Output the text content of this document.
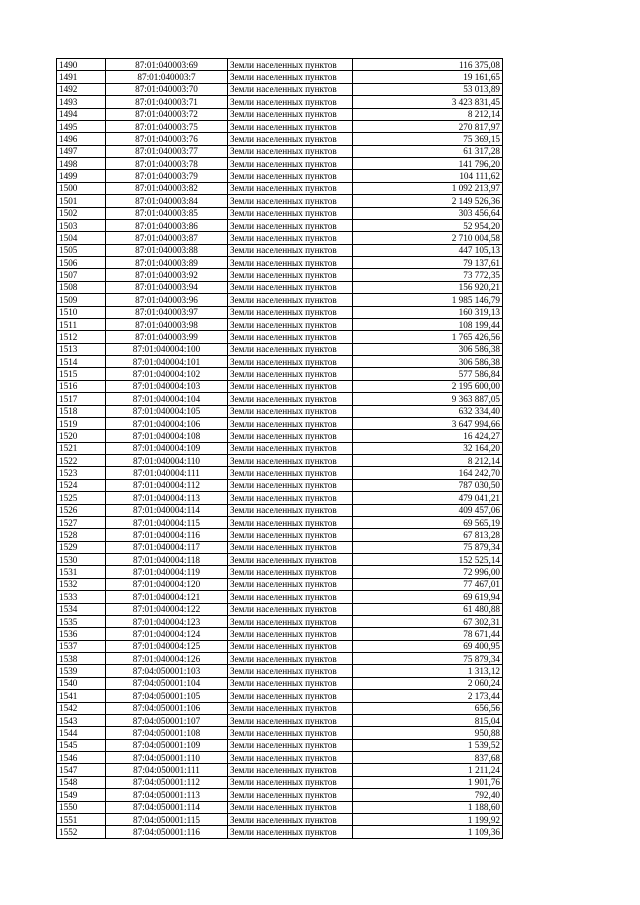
1490	87:01:040003:69	Земли населенных пунктов	116 375,08
1491	87:01:040003:7	Земли населенных пунктов	19 161,65
1492	87:01:040003:70	Земли населенных пунктов	53 013,89
1493	87:01:040003:71	Земли населенных пунктов	3 423 831,45
1494	87:01:040003:72	Земли населенных пунктов	8 212,14
1495	87:01:040003:75	Земли населенных пунктов	270 817,97
1496	87:01:040003:76	Земли населенных пунктов	75 369,15
1497	87:01:040003:77	Земли населенных пунктов	61 317,28
1498	87:01:040003:78	Земли населенных пунктов	141 796,20
1499	87:01:040003:79	Земли населенных пунктов	104 111,62
1500	87:01:040003:82	Земли населенных пунктов	1 092 213,97
1501	87:01:040003:84	Земли населенных пунктов	2 149 526,36
1502	87:01:040003:85	Земли населенных пунктов	303 456,64
1503	87:01:040003:86	Земли населенных пунктов	52 954,20
1504	87:01:040003:87	Земли населенных пунктов	2 710 004,58
1505	87:01:040003:88	Земли населенных пунктов	447 105,13
1506	87:01:040003:89	Земли населенных пунктов	79 137,61
1507	87:01:040003:92	Земли населенных пунктов	73 772,35
1508	87:01:040003:94	Земли населенных пунктов	156 920,21
1509	87:01:040003:96	Земли населенных пунктов	1 985 146,79
1510	87:01:040003:97	Земли населенных пунктов	160 319,13
1511	87:01:040003:98	Земли населенных пунктов	108 199,44
1512	87:01:040003:99	Земли населенных пунктов	1 765 426,56
1513	87:01:040004:100	Земли населенных пунктов	306 586,38
1514	87:01:040004:101	Земли населенных пунктов	306 586,38
1515	87:01:040004:102	Земли населенных пунктов	577 586,84
1516	87:01:040004:103	Земли населенных пунктов	2 195 600,00
1517	87:01:040004:104	Земли населенных пунктов	9 363 887,05
1518	87:01:040004:105	Земли населенных пунктов	632 334,40
1519	87:01:040004:106	Земли населенных пунктов	3 647 994,66
1520	87:01:040004:108	Земли населенных пунктов	16 424,27
1521	87:01:040004:109	Земли населенных пунктов	32 164,20
1522	87:01:040004:110	Земли населенных пунктов	8 212,14
1523	87:01:040004:111	Земли населенных пунктов	164 242,70
1524	87:01:040004:112	Земли населенных пунктов	787 030,50
1525	87:01:040004:113	Земли населенных пунктов	479 041,21
1526	87:01:040004:114	Земли населенных пунктов	409 457,06
1527	87:01:040004:115	Земли населенных пунктов	69 565,19
1528	87:01:040004:116	Земли населенных пунктов	67 813,28
1529	87:01:040004:117	Земли населенных пунктов	75 879,34
1530	87:01:040004:118	Земли населенных пунктов	152 525,14
1531	87:01:040004:119	Земли населенных пунктов	72 996,00
1532	87:01:040004:120	Земли населенных пунктов	77 467,01
1533	87:01:040004:121	Земли населенных пунктов	69 619,94
1534	87:01:040004:122	Земли населенных пунктов	61 480,88
1535	87:01:040004:123	Земли населенных пунктов	67 302,31
1536	87:01:040004:124	Земли населенных пунктов	78 671,44
1537	87:01:040004:125	Земли населенных пунктов	69 400,95
1538	87:01:040004:126	Земли населенных пунктов	75 879,34
1539	87:04:050001:103	Земли населенных пунктов	1 313,12
1540	87:04:050001:104	Земли населенных пунктов	2 060,24
1541	87:04:050001:105	Земли населенных пунктов	2 173,44
1542	87:04:050001:106	Земли населенных пунктов	656,56
1543	87:04:050001:107	Земли населенных пунктов	815,04
1544	87:04:050001:108	Земли населенных пунктов	950,88
1545	87:04:050001:109	Земли населенных пунктов	1 539,52
1546	87:04:050001:110	Земли населенных пунктов	837,68
1547	87:04:050001:111	Земли населенных пунктов	1 211,24
1548	87:04:050001:112	Земли населенных пунктов	1 901,76
1549	87:04:050001:113	Земли населенных пунктов	792,40
1550	87:04:050001:114	Земли населенных пунктов	1 188,60
1551	87:04:050001:115	Земли населенных пунктов	1 199,92
1552	87:04:050001:116	Земли населенных пунктов	1 109,36
